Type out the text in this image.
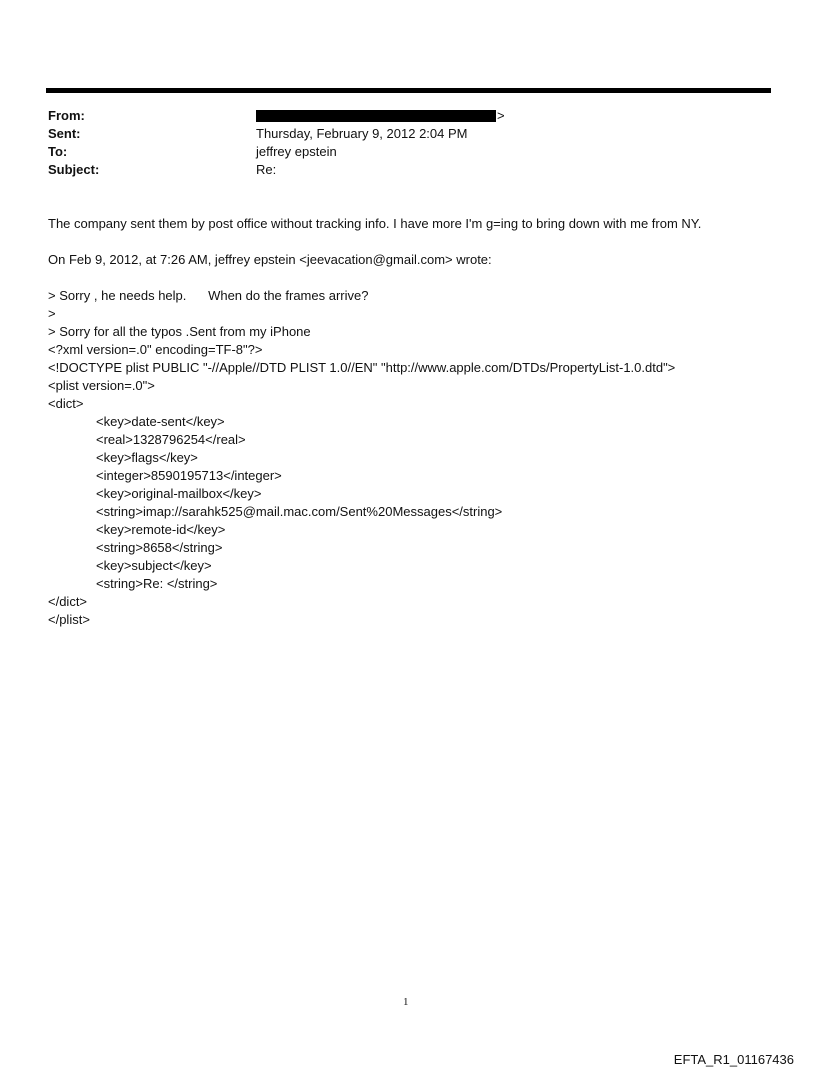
From:	>
Sent:	Thursday, February 9, 2012 2:04 PM
To:	jeffrey epstein
Subject:	Re:
The company sent them by post office without tracking info. I have more I'm g=ing to bring down with me from NY.
On Feb 9, 2012, at 7:26 AM, jeffrey epstein <jeevacation@gmail.com> wrote:
> Sorry , he needs help.      When do the frames arrive?
>
> Sorry for all the typos .Sent from my iPhone
<?xml version=.0" encoding=TF-8"?>
<!DOCTYPE plist PUBLIC "-//Apple//DTD PLIST 1.0//EN" "http://www.apple.com/DTDs/PropertyList-1.0.dtd">
<plist version=.0">
<dict>
<key>date-sent</key>
<real>1328796254</real>
<key>flags</key>
<integer>8590195713</integer>
<key>original-mailbox</key>
<string>imap://sarahk525@mail.mac.com/Sent%20Messages</string>
<key>remote-id</key>
<string>8658</string>
<key>subject</key>
<string>Re: </string>
</dict>
</plist>
1
EFTA_R1_01167436
